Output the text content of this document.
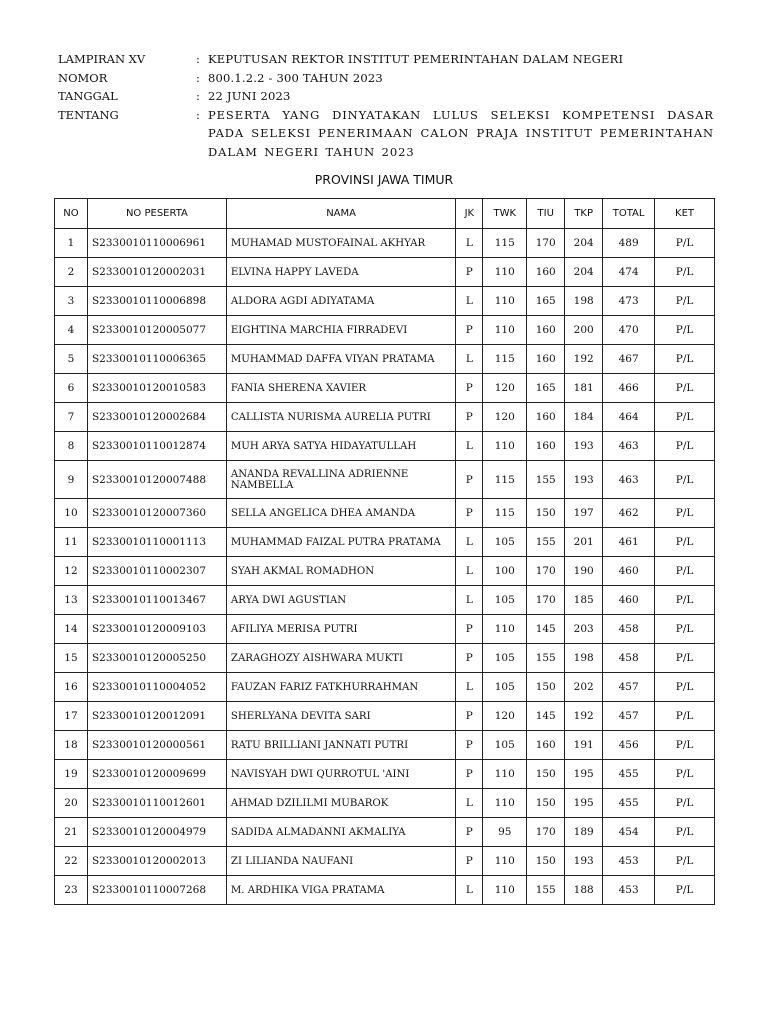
LAMPIRAN XV	: KEPUTUSAN REKTOR INSTITUT PEMERINTAHAN DALAM NEGERI
NOMOR	: 800.1.2.2 - 300 TAHUN 2023
TANGGAL	: 22 JUNI 2023
TENTANG	: PESERTA YANG DINYATAKAN LULUS SELEKSI KOMPETENSI DASAR PADA SELEKSI PENERIMAAN CALON PRAJA INSTITUT PEMERINTAHAN DALAM NEGERI TAHUN 2023
PROVINSI JAWA TIMUR
NO	NO PESERTA	NAMA	JK	TWK	TIU	TKP	TOTAL	KET
1	S2330010110006961	MUHAMAD MUSTOFAINAL AKHYAR	L	115	170	204	489	P/L
2	S2330010120002031	ELVINA HAPPY LAVEDA	P	110	160	204	474	P/L
3	S2330010110006898	ALDORA AGDI ADIYATAMA	L	110	165	198	473	P/L
4	S2330010120005077	EIGHTINA MARCHIA FIRRADEVI	P	110	160	200	470	P/L
5	S2330010110006365	MUHAMMAD DAFFA VIYAN PRATAMA	L	115	160	192	467	P/L
6	S2330010120010583	FANIA SHERENA XAVIER	P	120	165	181	466	P/L
7	S2330010120002684	CALLISTA NURISMA AURELIA PUTRI	P	120	160	184	464	P/L
8	S2330010110012874	MUH ARYA SATYA HIDAYATULLAH	L	110	160	193	463	P/L
9	S2330010120007488	ANANDA REVALLINA ADRIENNE NAMBELLA	P	115	155	193	463	P/L
10	S2330010120007360	SELLA ANGELICA DHEA AMANDA	P	115	150	197	462	P/L
11	S2330010110001113	MUHAMMAD FAIZAL PUTRA PRATAMA	L	105	155	201	461	P/L
12	S2330010110002307	SYAH AKMAL ROMADHON	L	100	170	190	460	P/L
13	S2330010110013467	ARYA DWI AGUSTIAN	L	105	170	185	460	P/L
14	S2330010120009103	AFILIYA MERISA PUTRI	P	110	145	203	458	P/L
15	S2330010120005250	ZARAGHOZY AISHWARA MUKTI	P	105	155	198	458	P/L
16	S2330010110004052	FAUZAN FARIZ FATKHURRAHMAN	L	105	150	202	457	P/L
17	S2330010120012091	SHERLYANA DEVITA SARI	P	120	145	192	457	P/L
18	S2330010120000561	RATU BRILLIANI JANNATI PUTRI	P	105	160	191	456	P/L
19	S2330010120009699	NAVISYAH DWI QURROTUL 'AINI	P	110	150	195	455	P/L
20	S2330010110012601	AHMAD DZILILMI MUBAROK	L	110	150	195	455	P/L
21	S2330010120004979	SADIDA ALMADANNI AKMALIYA	P	95	170	189	454	P/L
22	S2330010120002013	ZI LILIANDA NAUFANI	P	110	150	193	453	P/L
23	S2330010110007268	M. ARDHIKA VIGA PRATAMA	L	110	155	188	453	P/L
